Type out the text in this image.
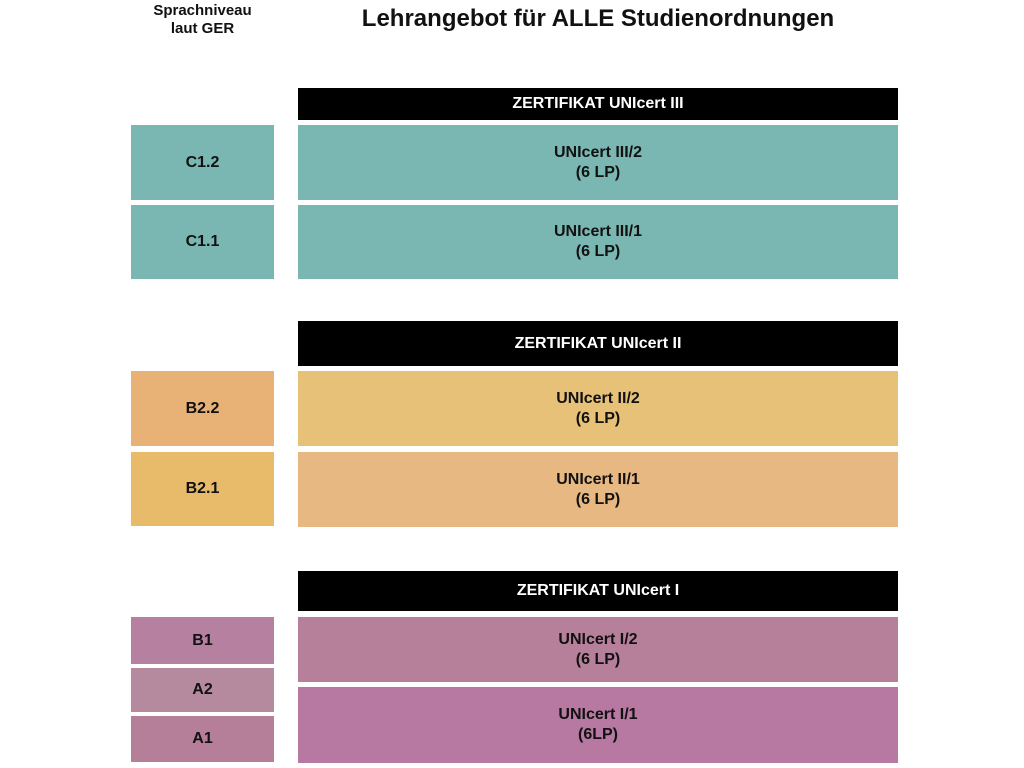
Sprachniveau
laut GER	Lehrangebot für ALLE Studienordnungen
ZERTIFIKAT UNIcert III
C1.2
C1.1
UNIcert III/2
(6 LP)
UNIcert III/1
(6 LP)
ZERTIFIKAT UNIcert II
B2.2
B2.1
UNIcert II/2
(6 LP)
UNIcert II/1
(6 LP)
ZERTIFIKAT UNIcert I
B1
A2
A1
UNIcert I/2
(6 LP)
UNIcert I/1
(6LP)
